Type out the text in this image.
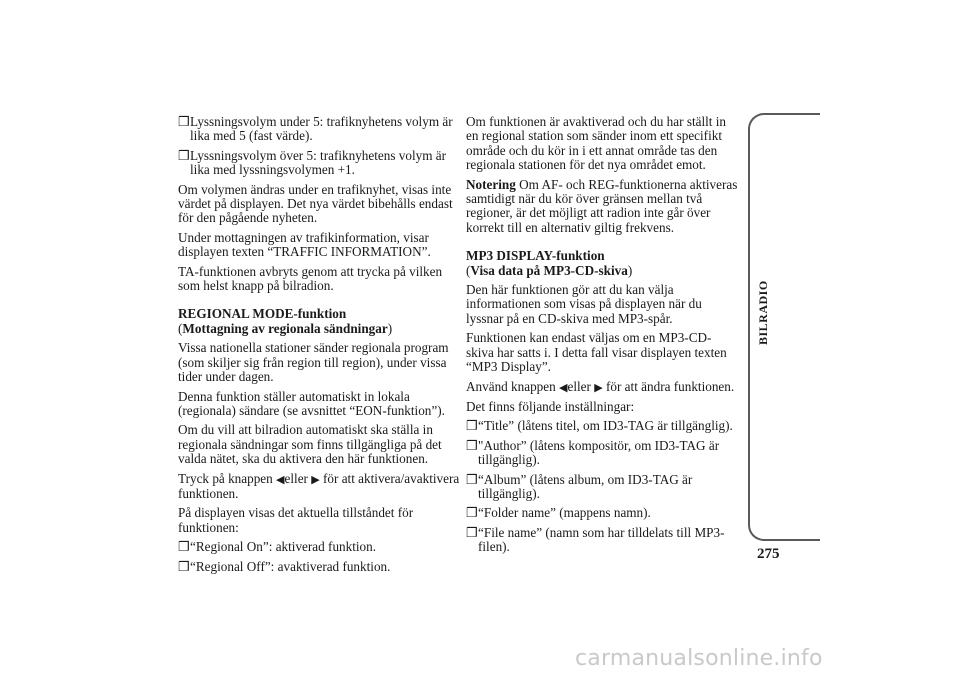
❒ Lyssningsvolym under 5: trafiknyhetens volym är lika med 5 (fast värde).
❒ Lyssningsvolym över 5: trafiknyhetens volym är lika med lyssningsvolymen +1.

Om volymen ändras under en trafiknyhet, visas inte värdet på displayen. Det nya värdet bibehålls endast för den pågående nyheten.

Under mottagningen av trafikinformation, visar displayen texten “TRAFFIC INFORMATION”.

TA-funktionen avbryts genom att trycka på vilken som helst knapp på bilradion.

REGIONAL MODE-funktion
(Mottagning av regionala sändningar)

Vissa nationella stationer sänder regionala program (som skiljer sig från region till region), under vissa tider under dagen.

Denna funktion ställer automatiskt in lokala (regionala) sändare (se avsnittet “EON-funktion”).

Om du vill att bilradion automatiskt ska ställa in regionala sändningar som finns tillgängliga på det valda nätet, ska du aktivera den här funktionen.

Tryck på knappen ◀eller ▶ för att aktivera/avaktivera funktionen.

På displayen visas det aktuella tillståndet för funktionen:

❒ “Regional On”: aktiverad funktion.
❒ “Regional Off”: avaktiverad funktion.

Om funktionen är avaktiverad och du har ställt in en regional station som sänder inom ett specifikt område och du kör in i ett annat område tas den regionala stationen för det nya området emot.

Notering Om AF- och REG-funktionerna aktiveras samtidigt när du kör över gränsen mellan två regioner, är det möjligt att radion inte går över korrekt till en alternativ giltig frekvens.

MP3 DISPLAY-funktion
(Visa data på MP3-CD-skiva)

Den här funktionen gör att du kan välja informationen som visas på displayen när du lyssnar på en CD-skiva med MP3-spår.

Funktionen kan endast väljas om en MP3-CD-skiva har satts i. I detta fall visar displayen texten “MP3 Display”.

Använd knappen ◀eller ▶ för att ändra funktionen.

Det finns följande inställningar:

❒ “Title” (låtens titel, om ID3-TAG är tillgänglig).
❒ "Author” (låtens kompositör, om ID3-TAG är tillgänglig).
❒ “Album” (låtens album, om ID3-TAG är tillgänglig).
❒ “Folder name” (mappens namn).
❒ “File name” (namn som har tilldelats till MP3-filen).
BILRADIO
275
carmanualsonline.info
